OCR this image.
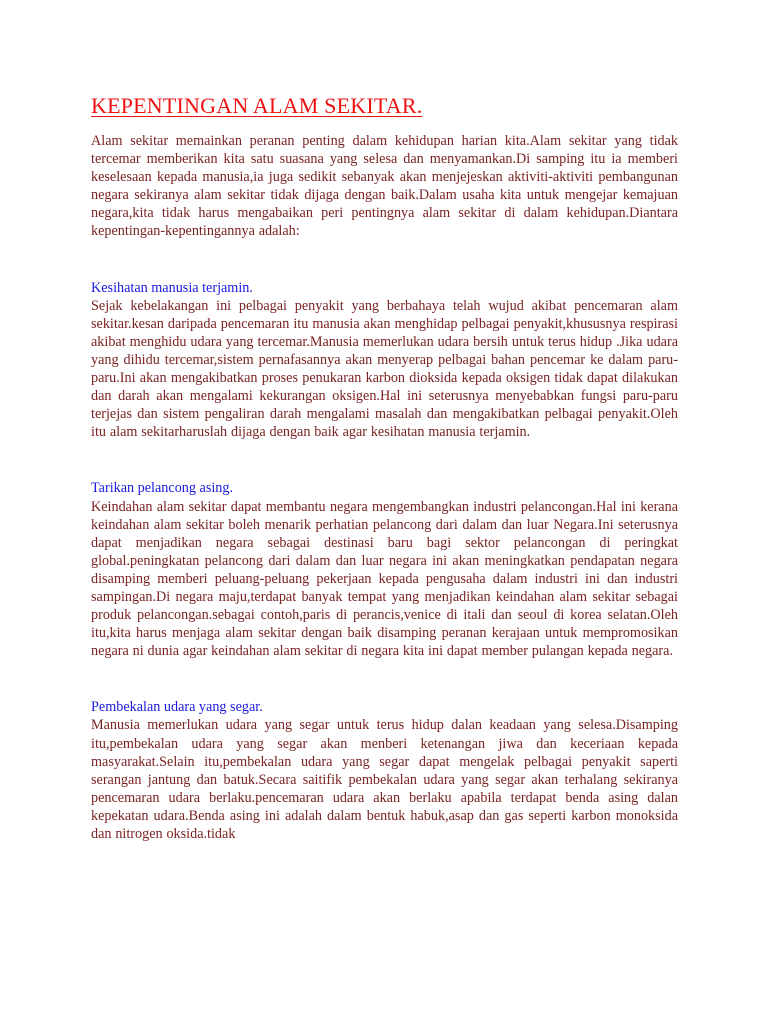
KEPENTINGAN ALAM SEKITAR.

Alam sekitar memainkan peranan penting dalam kehidupan harian kita.Alam sekitar yang tidak tercemar memberikan kita satu suasana yang selesa dan menyamankan.Di samping itu ia memberi keselesaan kepada manusia,ia juga sedikit sebanyak akan menjejeskan aktiviti-aktiviti pembangunan negara sekiranya alam sekitar tidak dijaga dengan baik.Dalam usaha kita untuk mengejar kemajuan negara,kita tidak harus mengabaikan peri pentingnya alam sekitar di dalam kehidupan.Diantara kepentingan-kepentingannya adalah:

Kesihatan manusia terjamin.

Sejak kebelakangan ini pelbagai penyakit yang berbahaya telah wujud akibat pencemaran alam sekitar.kesan daripada pencemaran itu manusia akan menghidap pelbagai penyakit,khususnya respirasi akibat menghidu udara yang tercemar.Manusia memerlukan udara bersih untuk terus hidup .Jika udara yang dihidu tercemar,sistem pernafasannya akan menyerap pelbagai bahan pencemar ke dalam paru-paru.Ini akan mengakibatkan proses penukaran karbon dioksida kepada oksigen tidak dapat dilakukan dan darah akan mengalami kekurangan oksigen.Hal ini seterusnya menyebabkan fungsi paru-paru terjejas dan sistem pengaliran darah mengalami masalah dan mengakibatkan pelbagai penyakit.Oleh itu alam sekitarharuslah dijaga dengan baik agar kesihatan manusia terjamin.

Tarikan pelancong asing.

Keindahan alam sekitar dapat membantu negara mengembangkan industri pelancongan.Hal ini kerana keindahan alam sekitar boleh menarik perhatian pelancong dari dalam dan luar Negara.Ini seterusnya dapat menjadikan negara sebagai destinasi baru bagi sektor pelancongan di peringkat global.peningkatan pelancong dari dalam dan luar negara ini akan meningkatkan pendapatan negara disamping memberi peluang-peluang pekerjaan kepada pengusaha dalam industri ini dan industri sampingan.Di negara maju,terdapat banyak tempat yang menjadikan keindahan alam sekitar sebagai produk pelancongan.sebagai contoh,paris di perancis,venice di itali dan seoul di korea selatan.Oleh itu,kita harus menjaga alam sekitar dengan baik disamping peranan kerajaan untuk mempromosikan negara ni dunia agar keindahan alam sekitar di negara kita ini dapat member pulangan kepada negara.

Pembekalan udara yang segar.

Manusia memerlukan udara yang segar untuk terus hidup dalan keadaan yang selesa.Disamping itu,pembekalan udara yang segar akan menberi ketenangan jiwa dan keceriaan kepada masyarakat.Selain itu,pembekalan udara yang segar dapat mengelak pelbagai penyakit saperti serangan jantung dan batuk.Secara saitifik pembekalan udara yang segar akan terhalang sekiranya pencemaran udara berlaku.pencemaran udara akan berlaku apabila terdapat benda asing dalan kepekatan udara.Benda asing ini adalah dalam bentuk habuk,asap dan gas seperti karbon monoksida dan nitrogen oksida.tidak
